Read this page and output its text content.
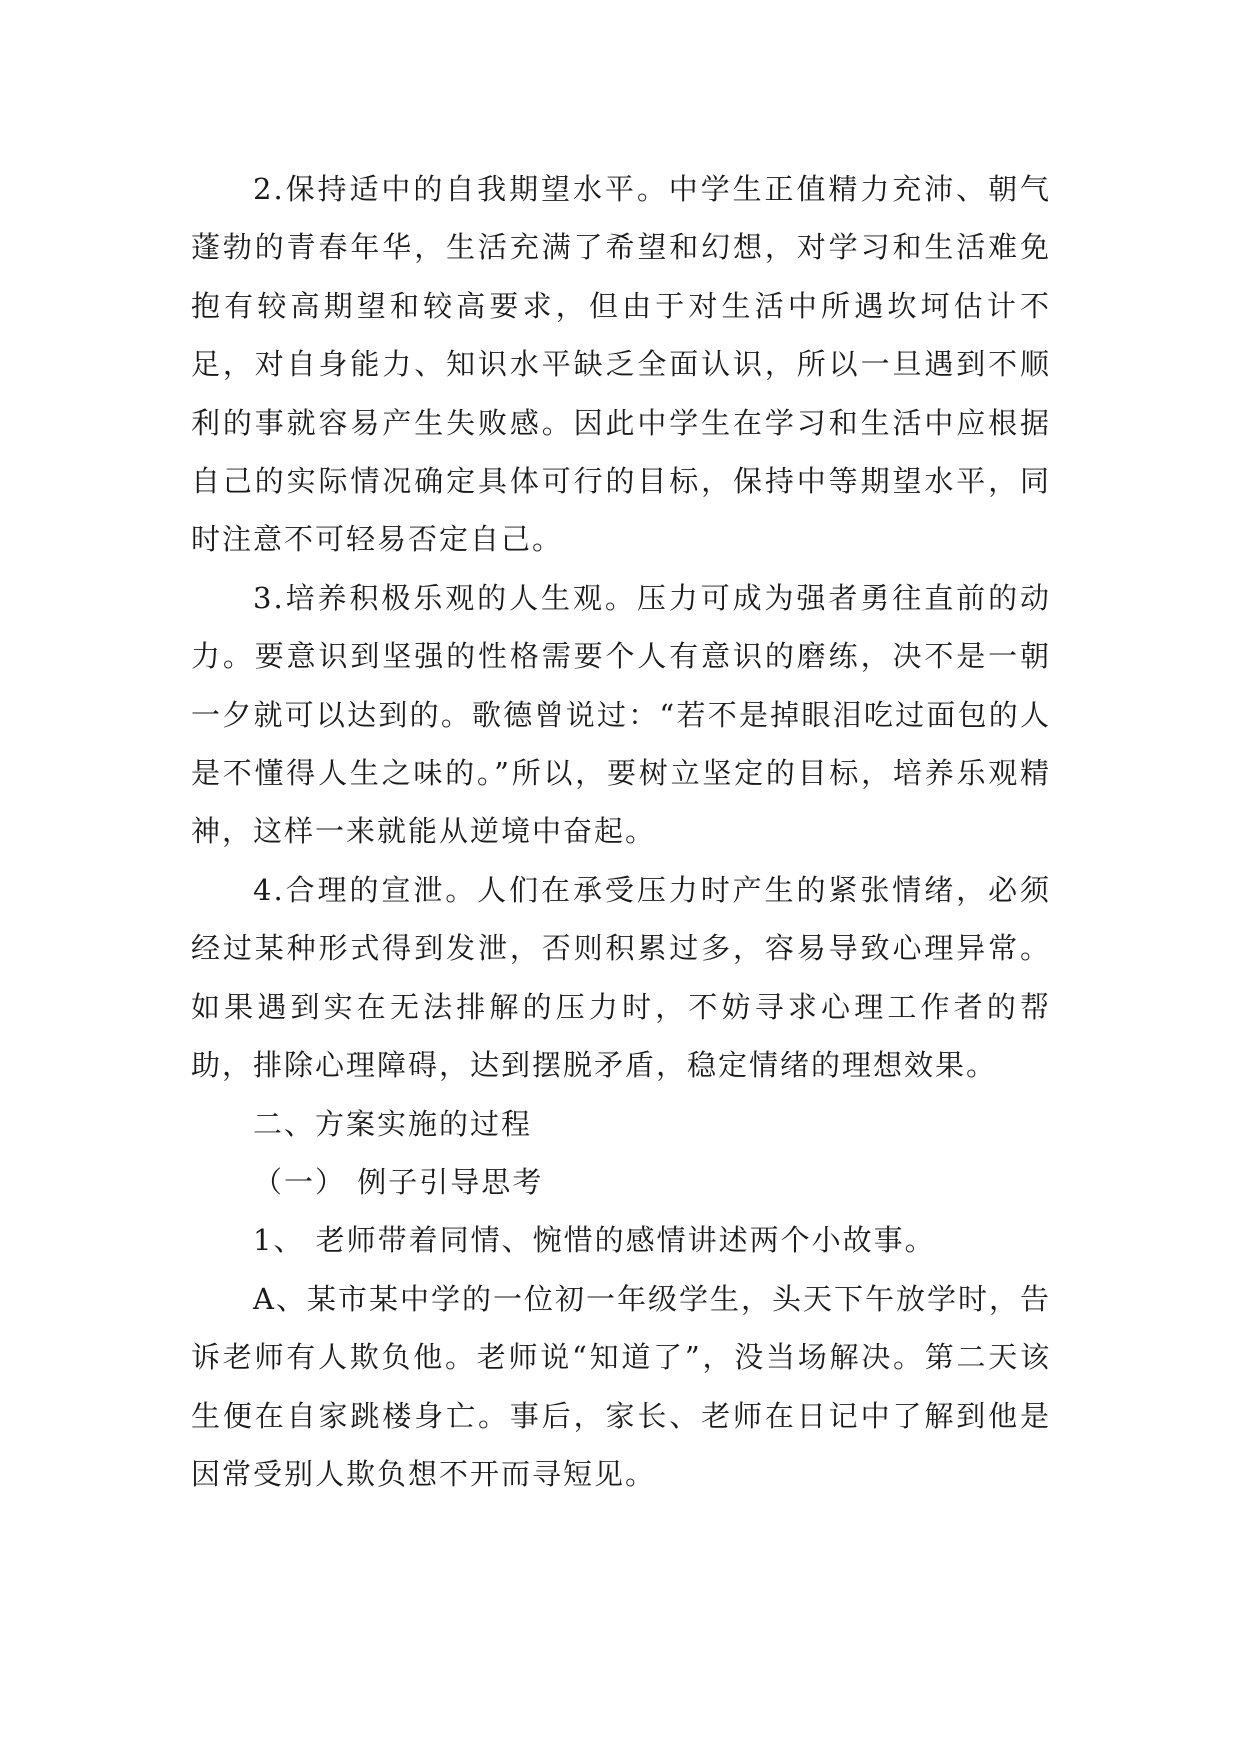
2.保持适中的自我期望水平。中学生正值精力充沛、朝气蓬勃的青春年华，生活充满了希望和幻想，对学习和生活难免抱有较高期望和较高要求，但由于对生活中所遇坎坷估计不足，对自身能力、知识水平缺乏全面认识，所以一旦遇到不顺利的事就容易产生失败感。因此中学生在学习和生活中应根据自己的实际情况确定具体可行的目标，保持中等期望水平，同时注意不可轻易否定自己。

3.培养积极乐观的人生观。压力可成为强者勇往直前的动力。要意识到坚强的性格需要个人有意识的磨练，决不是一朝一夕就可以达到的。歌德曾说过：“若不是掉眼泪吃过面包的人是不懂得人生之味的。”所以，要树立坚定的目标，培养乐观精神，这样一来就能从逆境中奋起。

4.合理的宣泄。人们在承受压力时产生的紧张情绪，必须经过某种形式得到发泄，否则积累过多，容易导致心理异常。如果遇到实在无法排解的压力时，不妨寻求心理工作者的帮助，排除心理障碍，达到摆脱矛盾，稳定情绪的理想效果。

二、方案实施的过程

（一） 例子引导思考

1、 老师带着同情、惋惜的感情讲述两个小故事。

A、某市某中学的一位初一年级学生，头天下午放学时，告诉老师有人欺负他。老师说“知道了”，没当场解决。第二天该生便在自家跳楼身亡。事后，家长、老师在日记中了解到他是因常受别人欺负想不开而寻短见。
